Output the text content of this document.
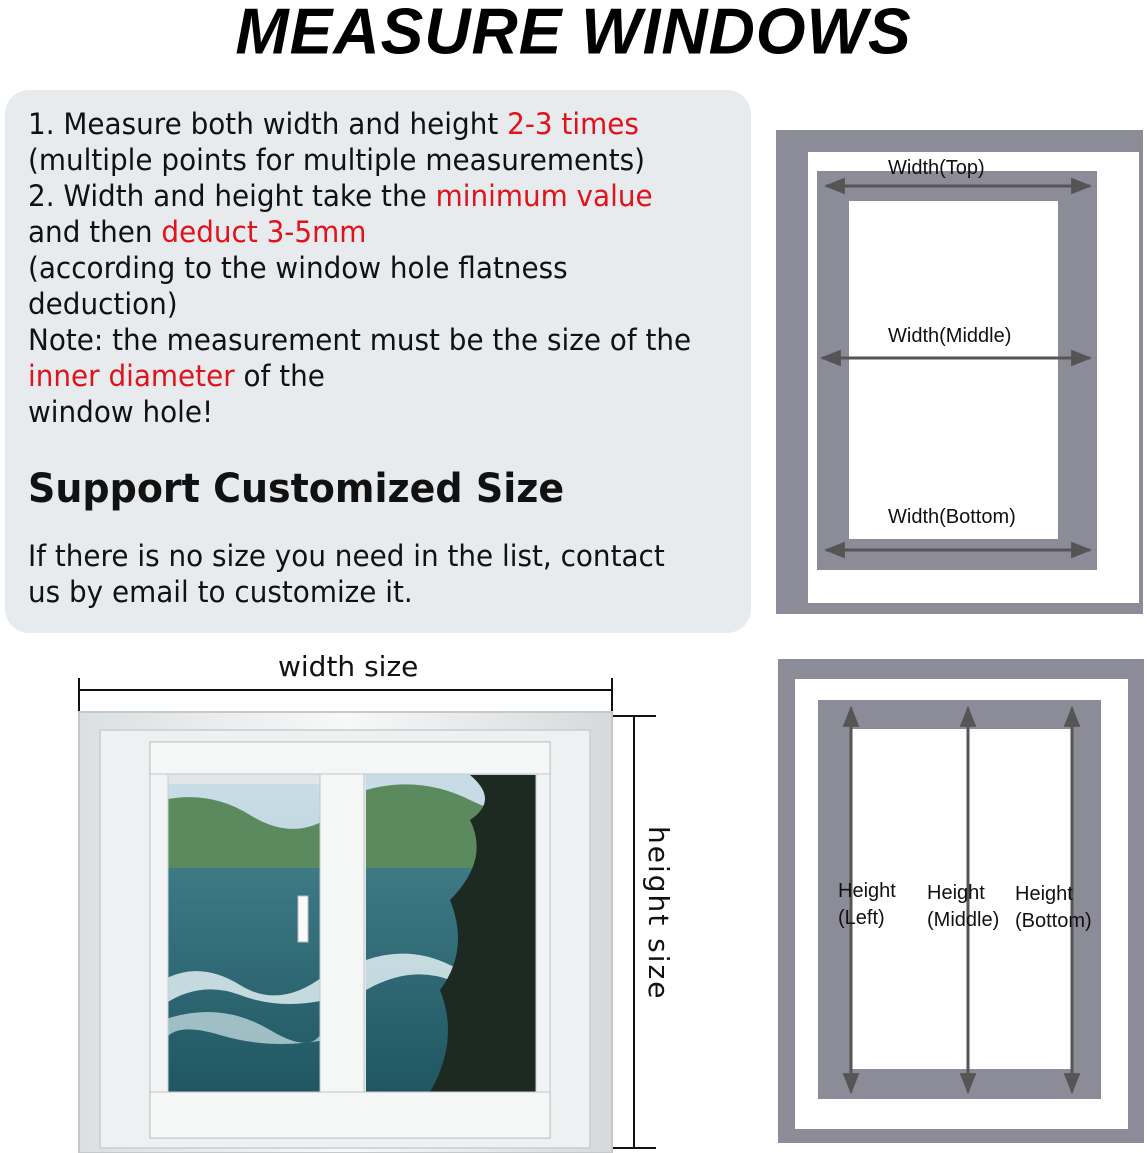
MEASURE WINDOWS
1. Measure both width and height 2-3 times
(multiple points for multiple measurements)
2. Width and height take the minimum value
and then deduct 3-5mm
(according to the window hole flatness
deduction)
Note: the measurement must be the size of the
inner diameter of the
window hole!
Support Customized Size
If there is no size you need in the list, contact
us by email to customize it.
Width(Top)
Width(Middle)
Width(Bottom)
Height
(Left)
Height
(Middle)
Height
(Bottom)
width size
height size
